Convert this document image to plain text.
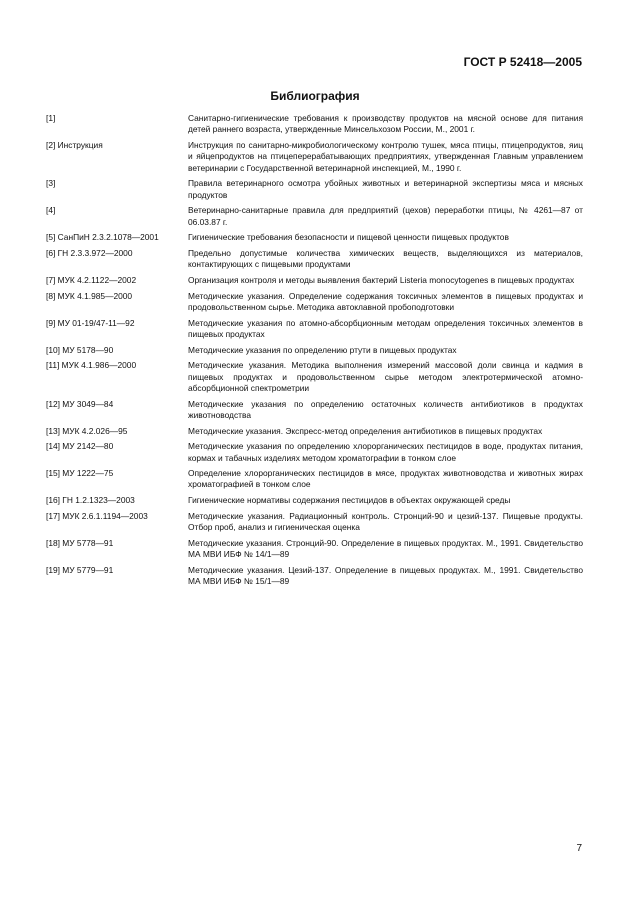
ГОСТ Р 52418—2005
Библиография
[1]	Санитарно-гигиенические требования к производству продуктов на мясной основе для питания детей раннего возраста, утвержденные Минсельхозом России, М., 2001 г.
[2] Инструкция	Инструкция по санитарно-микробиологическому контролю тушек, мяса птицы, птицепродуктов, яиц и яйцепродуктов на птицеперерабатывающих предприятиях, утвержденная Главным управлением ветеринарии с Государственной ветеринарной инспекцией, М., 1990 г.
[3]	Правила ветеринарного осмотра убойных животных и ветеринарной экспертизы мяса и мясных продуктов
[4]	Ветеринарно-санитарные правила для предприятий (цехов) переработки птицы, № 4261—87 от 06.03.87 г.
[5] СанПиН 2.3.2.1078—2001	Гигиенические требования безопасности и пищевой ценности пищевых продуктов
[6] ГН 2.3.3.972—2000	Предельно допустимые количества химических веществ, выделяющихся из материалов, контактирующих с пищевыми продуктами
[7] МУК 4.2.1122—2002	Организация контроля и методы выявления бактерий Listeria monocytogenes в пищевых продуктах
[8] МУК 4.1.985—2000	Методические указания. Определение содержания токсичных элементов в пищевых продуктах и продовольственном сырье. Методика автоклавной пробоподготовки
[9] МУ 01-19/47-11—92	Методические указания по атомно-абсорбционным методам определения токсичных элементов в пищевых продуктах
[10] МУ 5178—90	Методические указания по определению ртути в пищевых продуктах
[11] МУК 4.1.986—2000	Методические указания. Методика выполнения измерений массовой доли свинца и кадмия в пищевых продуктах и продовольственном сырье методом электротермической атомно-абсорбционной спектрометрии
[12] МУ 3049—84	Методические указания по определению остаточных количеств антибиотиков в продуктах животноводства
[13] МУК 4.2.026—95	Методические указания. Экспресс-метод определения антибиотиков в пищевых продуктах
[14] МУ 2142—80	Методические указания по определению хлорорганических пестицидов в воде, продуктах питания, кормах и табачных изделиях методом хроматографии в тонком слое
[15] МУ 1222—75	Определение хлорорганических пестицидов в мясе, продуктах животноводства и животных жирах хроматографией в тонком слое
[16] ГН 1.2.1323—2003	Гигиенические нормативы содержания пестицидов в объектах окружающей среды
[17] МУК 2.6.1.1194—2003	Методические указания. Радиационный контроль. Стронций-90 и цезий-137. Пищевые продукты. Отбор проб, анализ и гигиеническая оценка
[18] МУ 5778—91	Методические указания. Стронций-90. Определение в пищевых продуктах. М., 1991. Свидетельство МА МВИ ИБФ № 14/1—89
[19] МУ 5779—91	Методические указания. Цезий-137. Определение в пищевых продуктах. М., 1991. Свидетельство МА МВИ ИБФ № 15/1—89
7
